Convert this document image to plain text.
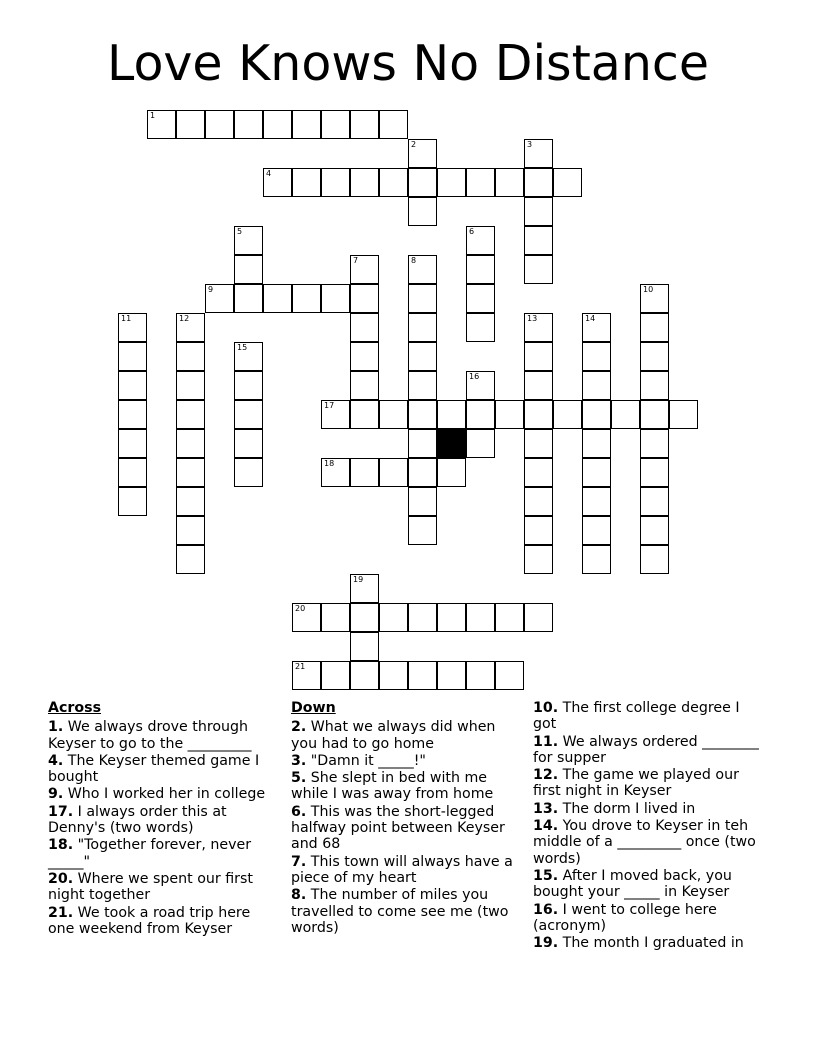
Love Knows No Distance
1
4
9
17
18
20
21
2	3
5	6
7	8
10
11	12	13	14
15
16
19
Across
1. We always drove through Keyser to go to the _________
4. The Keyser themed game I bought
9. Who I worked her in college
17. I always order this at Denny's (two words)
18. "Together forever, never _____"
20. Where we spent our first night together
21. We took a road trip here one weekend from Keyser
Down
2. What we always did when you had to go home
3. "Damn it _____!"
5. She slept in bed with me while I was away from home
6. This was the short-legged halfway point between Keyser and 68
7. This town will always have a piece of my heart
8. The number of miles you travelled to come see me (two words)
10. The first college degree I got
11. We always ordered ________ for supper
12. The game we played our first night in Keyser
13. The dorm I lived in
14. You drove to Keyser in teh middle of a _________ once (two words)
15. After I moved back, you bought your _____ in Keyser
16. I went to college here (acronym)
19. The month I graduated in
